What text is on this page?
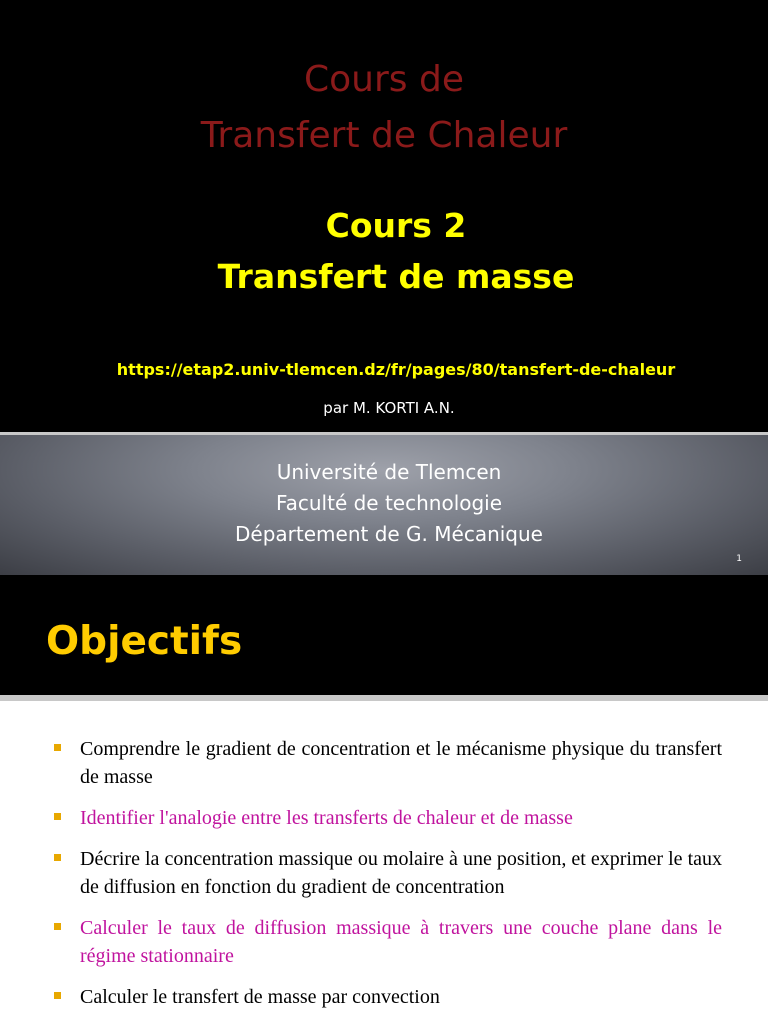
Cours de
Transfert de Chaleur
Cours 2
Transfert de masse
https://etap2.univ-tlemcen.dz/fr/pages/80/tansfert-de-chaleur
par M. KORTI A.N.
Université de Tlemcen
Faculté de technologie
Département de G. Mécanique
1
Objectifs
Comprendre le gradient de concentration et le mécanisme physique du transfert de masse
Identifier l'analogie entre les transferts de chaleur et de masse
Décrire la concentration massique ou molaire à une position, et exprimer le taux de diffusion en fonction du gradient de concentration
Calculer le taux de diffusion massique à travers une couche plane dans le régime stationnaire
Calculer le transfert de masse par convection
